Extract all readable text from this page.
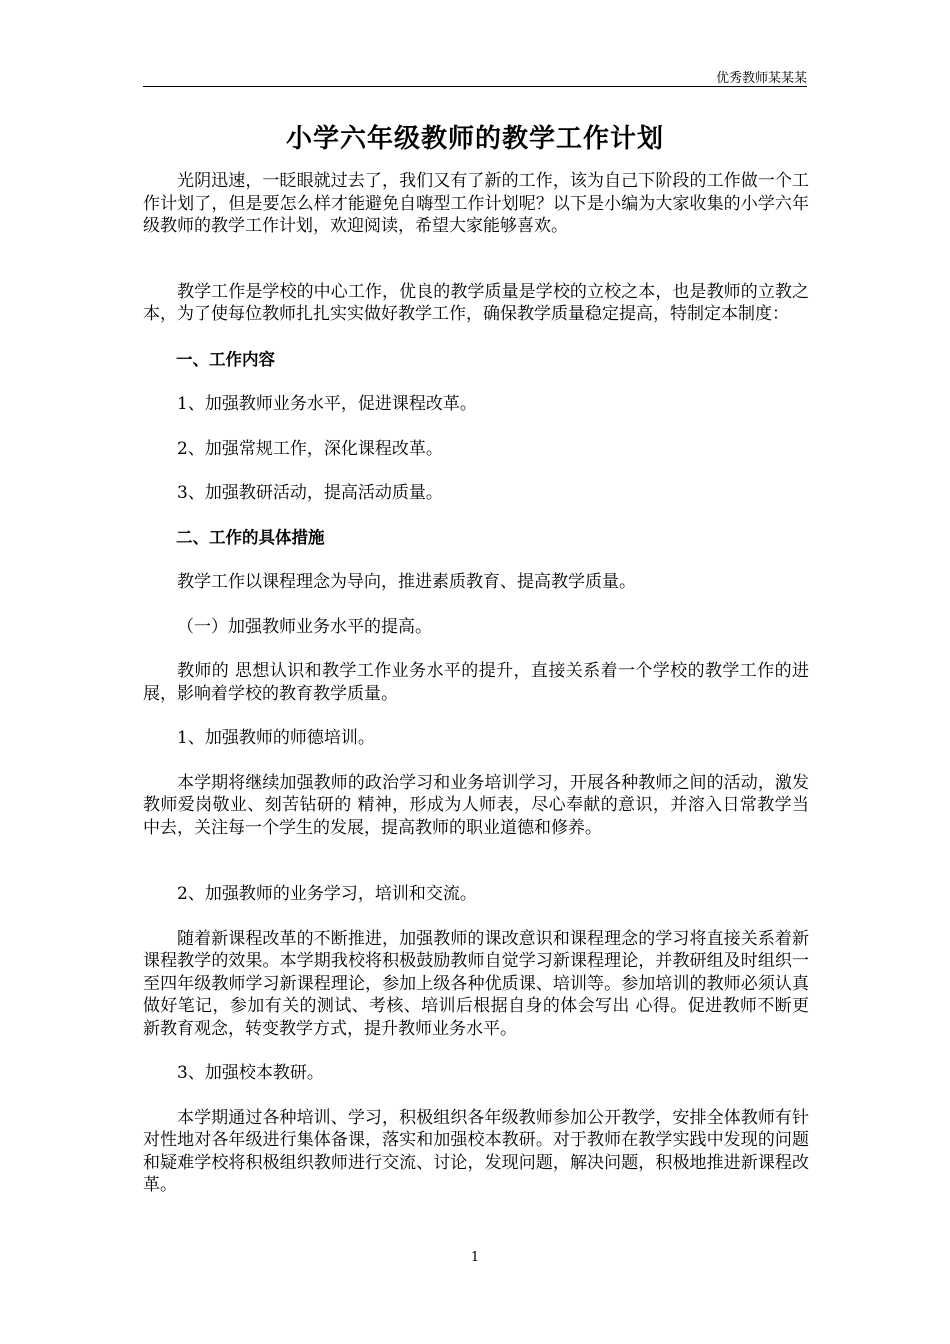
优秀教师某某某
小学六年级教师的教学工作计划

光阴迅速，一眨眼就过去了，我们又有了新的工作，该为自己下阶段的工作做一个工作计划了，但是要怎么样才能避免自嗨型工作计划呢？以下是小编为大家收集的小学六年级教师的教学工作计划，欢迎阅读，希望大家能够喜欢。

教学工作是学校的中心工作，优良的教学质量是学校的立校之本，也是教师的立教之本，为了使每位教师扎扎实实做好教学工作，确保教学质量稳定提高，特制定本制度：

一、工作内容

1、加强教师业务水平，促进课程改革。

2、加强常规工作，深化课程改革。

3、加强教研活动，提高活动质量。

二、工作的具体措施

教学工作以课程理念为导向，推进素质教育、提高教学质量。

（一）加强教师业务水平的提高。

教师的 思想认识和教学工作业务水平的提升，直接关系着一个学校的教学工作的进展，影响着学校的教育教学质量。

1、加强教师的师德培训。

本学期将继续加强教师的政治学习和业务培训学习，开展各种教师之间的活动，激发教师爱岗敬业、刻苦钻研的 精神，形成为人师表，尽心奉献的意识，并溶入日常教学当中去，关注每一个学生的发展，提高教师的职业道德和修养。

2、加强教师的业务学习，培训和交流。

随着新课程改革的不断推进，加强教师的课改意识和课程理念的学习将直接关系着新课程教学的效果。本学期我校将积极鼓励教师自觉学习新课程理论，并教研组及时组织一至四年级教师学习新课程理论，参加上级各种优质课、培训等。参加培训的教师必须认真做好笔记，参加有关的测试、考核、培训后根据自身的体会写出 心得。促进教师不断更新教育观念，转变教学方式，提升教师业务水平。

3、加强校本教研。

本学期通过各种培训、学习，积极组织各年级教师参加公开教学，安排全体教师有针对性地对各年级进行集体备课，落实和加强校本教研。对于教师在教学实践中发现的问题和疑难学校将积极组织教师进行交流、讨论，发现问题，解决问题，积极地推进新课程改革。

1
